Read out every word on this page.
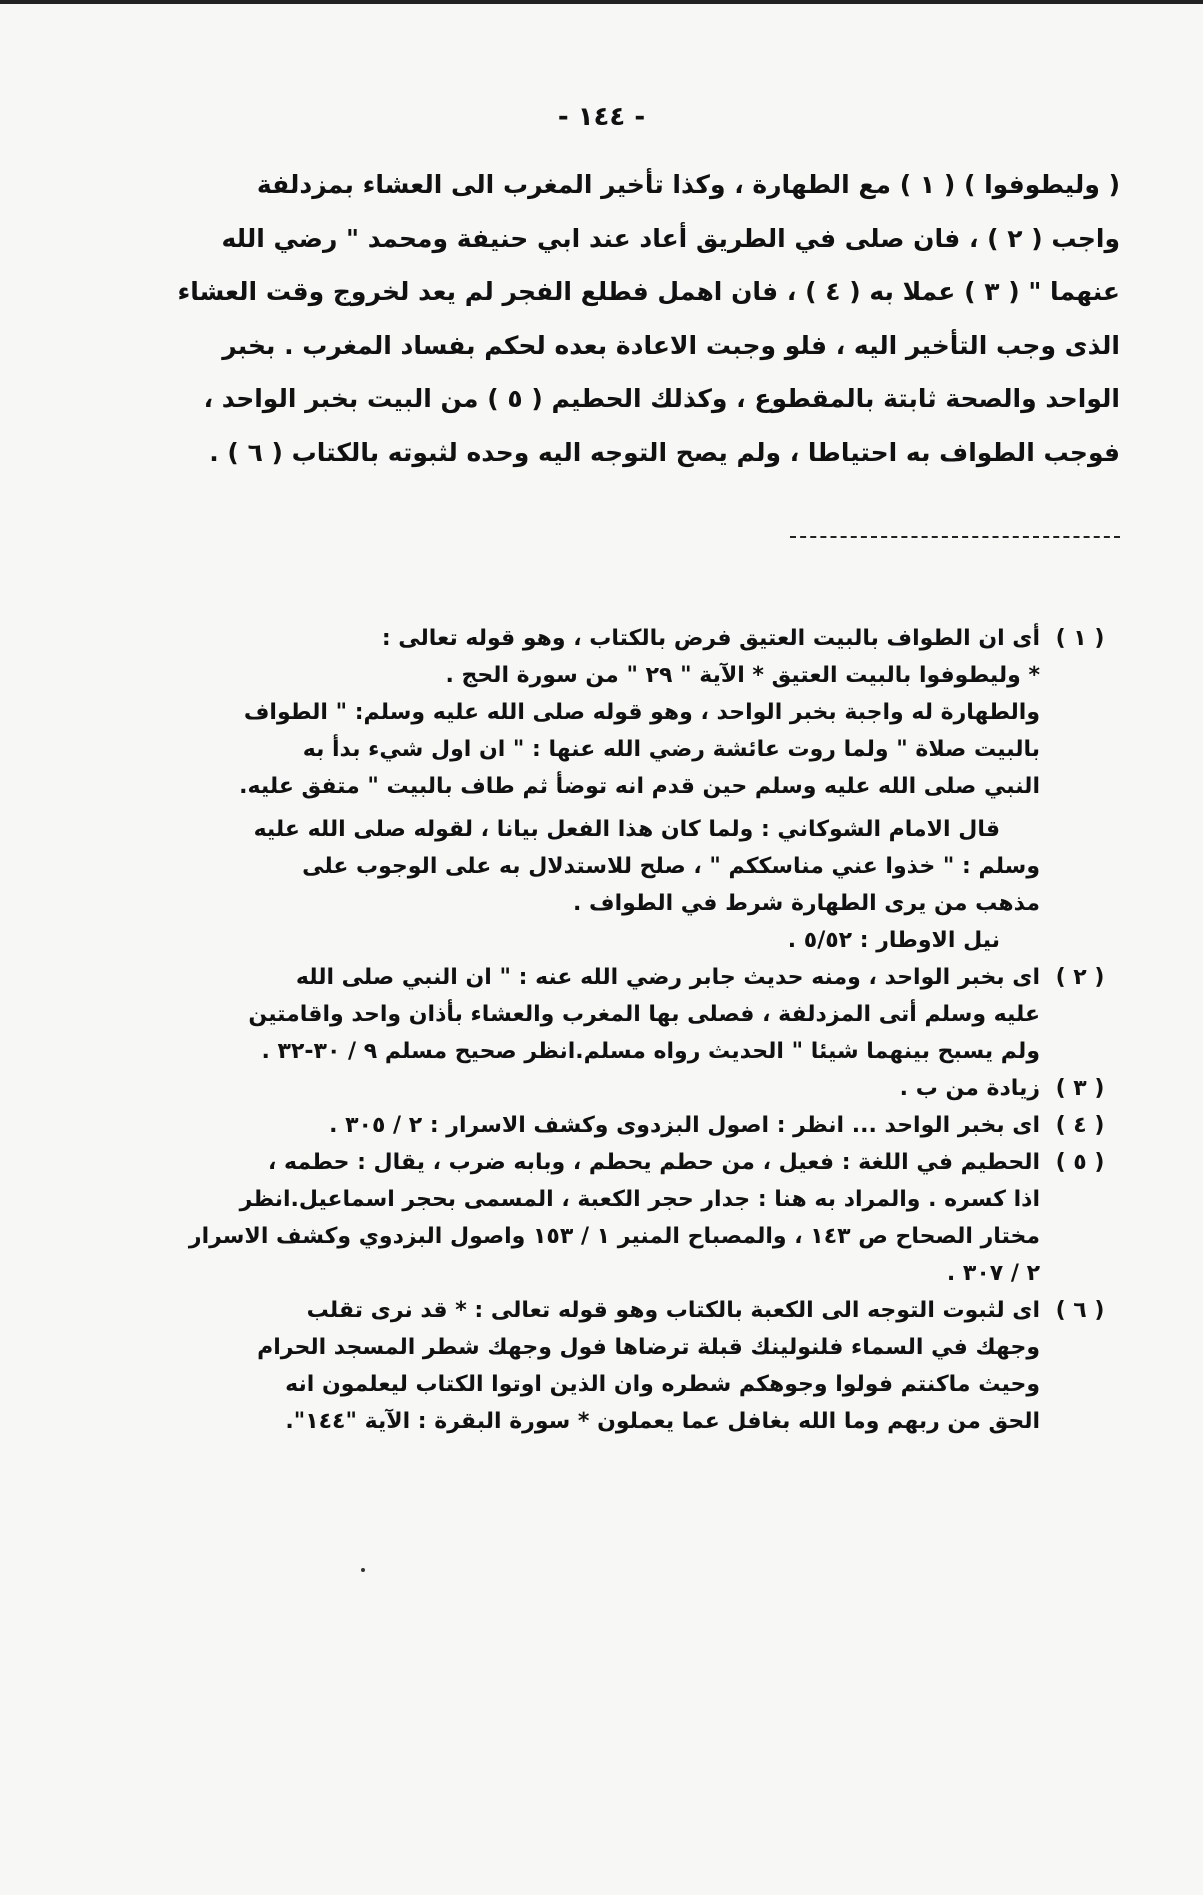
- ١٤٤ -
( وليطوفوا ) ( ١ ) مع الطهارة ، وكذا تأخير المغرب الى العشاء بمزدلفة
واجب ( ٢ ) ، فان صلى في الطريق أعاد عند ابي حنيفة ومحمد " رضي الله
عنهما " ( ٣ ) عملا به ( ٤ ) ، فان اهمل فطلع الفجر لم يعد لخروج وقت العشاء
الذى وجب التأخير اليه ، فلو وجبت الاعادة بعده لحكم بفساد المغرب . بخبر
الواحد والصحة ثابتة بالمقطوع ، وكذلك الحطيم ( ٥ ) من البيت بخبر الواحد ،
فوجب الطواف به احتياطا ، ولم يصح التوجه اليه وحده لثبوته بالكتاب ( ٦ ) .
( ١ )
أى ان الطواف بالبيت العتيق فرض بالكتاب ، وهو قوله تعالى :
* وليطوفوا بالبيت العتيق * الآية " ٢٩ " من سورة الحج .
والطهارة له واجبة بخبر الواحد ، وهو قوله صلى الله عليه وسلم: " الطواف
بالبيت صلاة " ولما روت عائشة رضي الله عنها : " ان اول شيء بدأ به
النبي صلى الله عليه وسلم حين قدم انه توضأ ثم طاف بالبيت " متفق عليه.
قال الامام الشوكاني : ولما كان هذا الفعل بيانا ، لقوله صلى الله عليه
وسلم : " خذوا عني مناسككم " ، صلح للاستدلال به على الوجوب على
مذهب من يرى الطهارة شرط في الطواف .
نيل الاوطار : ٥/٥٢ .
( ٢ )
اى بخبر الواحد ، ومنه حديث جابر رضي الله عنه : " ان النبي صلى الله
عليه وسلم أتى المزدلفة ، فصلى بها المغرب والعشاء بأذان واحد واقامتين
ولم يسبح بينهما شيئا " الحديث رواه مسلم.انظر صحيح مسلم ٩ / ٣٠-٣٢ .
( ٣ )
زيادة من ب .
( ٤ )
اى بخبر الواحد ... انظر : اصول البزدوى وكشف الاسرار : ٢ / ٣٠٥ .
( ٥ )
الحطيم في اللغة : فعيل ، من حطم يحطم ، وبابه ضرب ، يقال : حطمه ،
اذا كسره . والمراد به هنا : جدار حجر الكعبة ، المسمى بحجر اسماعيل.انظر
مختار الصحاح ص ١٤٣ ، والمصباح المنير ١ / ١٥٣ واصول البزدوي وكشف الاسرار
٢ / ٣٠٧ .
( ٦ )
اى لثبوت التوجه الى الكعبة بالكتاب وهو قوله تعالى : * قد نرى تقلب
وجهك في السماء فلنولينك قبلة ترضاها فول وجهك شطر المسجد الحرام
وحيث ماكنتم فولوا وجوهكم شطره وان الذين اوتوا الكتاب ليعلمون انه
الحق من ربهم وما الله بغافل عما يعملون * سورة البقرة : الآية "١٤٤".
